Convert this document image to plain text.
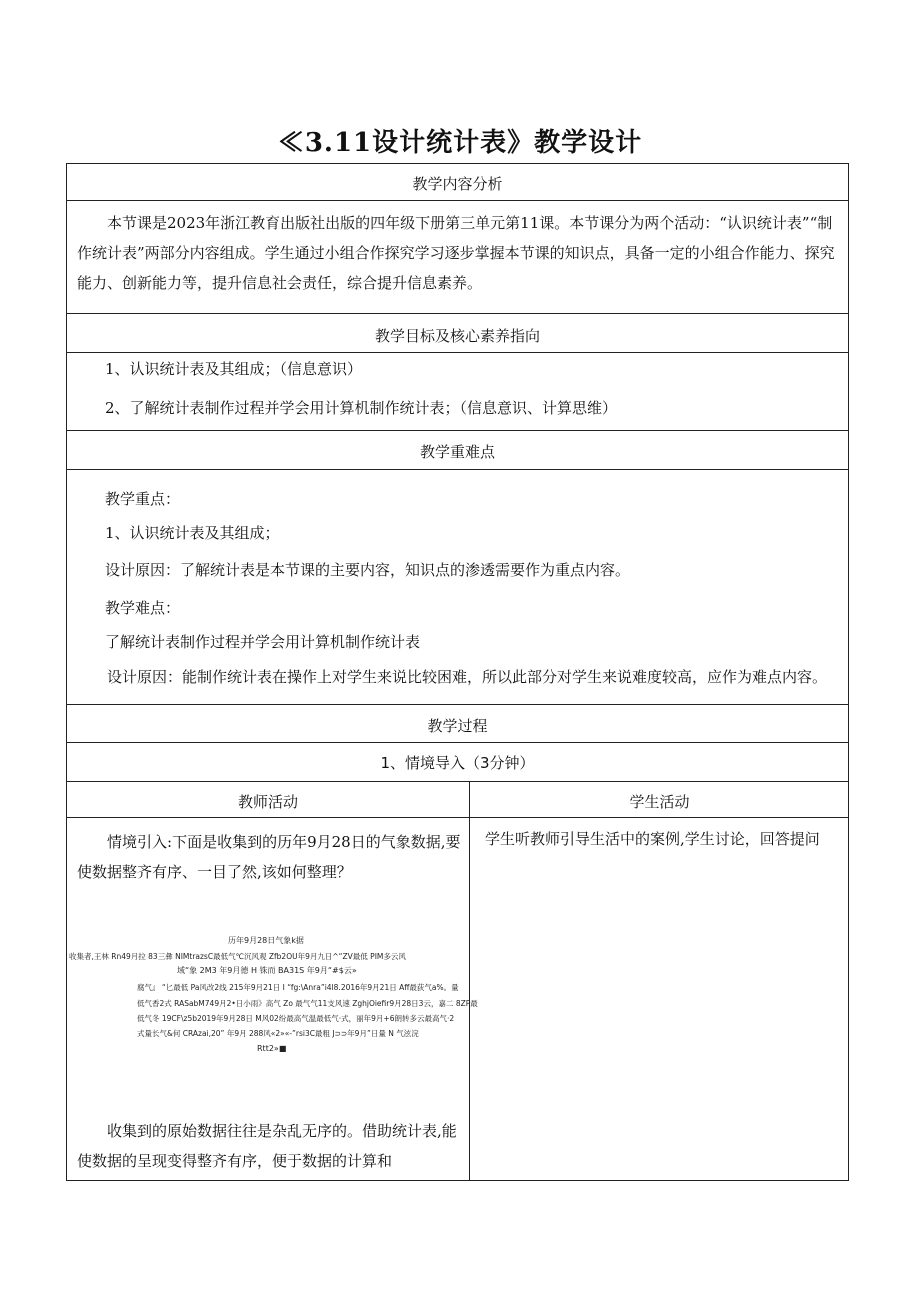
≪3.11设计统计表》教学设计
教学内容分析
本节课是2023年浙江教育出版社出版的四年级下册第三单元第11课。本节课分为两个活动：“认识统计表”“制作统计表”两部分内容组成。学生通过小组合作探究学习逐步掌握本节课的知识点，具备一定的小组合作能力、探究能力、创新能力等，提升信息社会责任，综合提升信息素养。
教学目标及核心素养指向
1、认识统计表及其组成；（信息意识）
2、了解统计表制作过程并学会用计算机制作统计表；（信息意识、计算思维）
教学重难点
教学重点：
1、认识统计表及其组成；
设计原因：了解统计表是本节课的主要内容，知识点的渗透需要作为重点内容。
教学难点：
了解统计表制作过程并学会用计算机制作统计表
设计原因：能制作统计表在操作上对学生来说比较困难，所以此部分对学生来说难度较高，应作为难点内容。
教学过程
1、情境导入（3分钟）
教师活动	学生活动
情境引入:下面是收集到的历年9月28日的气象数据,要使数据整齐有序、一目了然,该如何整理？
学生听教师引导生活中的案例,学生讨论，回答提问
历年9月28日气象k据
收集者,王林 Rn49月拉 83三彝 NIMtrazsC最低气℃沉风观 Zfb2OU年9月九日^“ZV最低 PIM多云风
域“象 2M3 年9月德 H 铢而 BA31S 年9月“#$云»
腐气』 “匕最低 Pa风改2线 215年9月21日 I “fg:\Anra”i4l8.2016年9月21日 Aff最荻气a%。量
低气香2式 RASabM749月2•日小雨》高气 Zo 最气气11支风速 ZghjOiefir9月28日3云，嘉二 8ZP最
低气冬 19CF\z5b2019年9月28日 M风02纷最高气温最低气·式，丽年9月+6朗转多云最高气·2
式量长气&何 CRAzai,20” 年9月 288风«2»«-”rsi3C最粗 J⊃⊃年9月”日量 N 气泫浣
Rtt2»■
收集到的原始数据往往是杂乱无序的。借助统计表,能使数据的呈现变得整齐有序，便于数据的计算和
